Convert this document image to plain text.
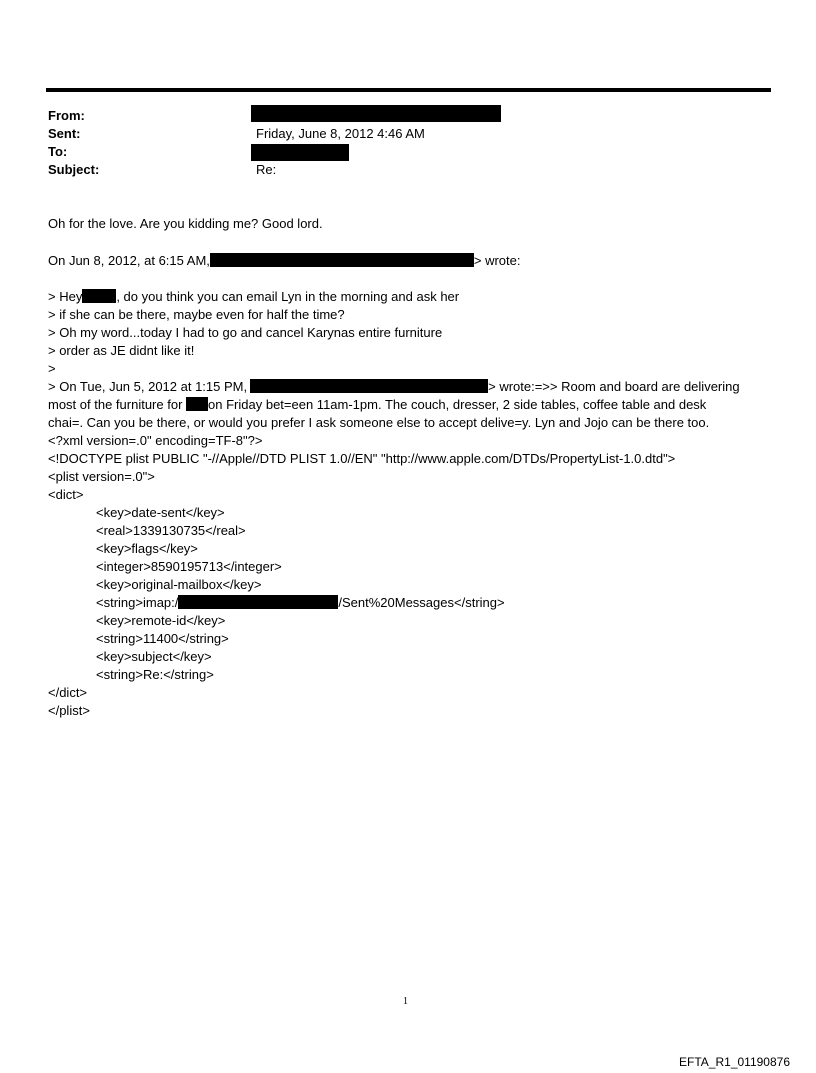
From:
Sent:	Friday, June 8, 2012 4:46 AM
To:
Subject:	Re:
Oh for the love. Are you kidding me? Good lord.
On Jun 8, 2012, at 6:15 AM,	> wrote:
> Hey	, do you think you can email Lyn in the morning and ask her
> if she can be there, maybe even for half the time?
> Oh my word...today I had to go and cancel Karynas entire furniture
> order as JE didnt like it!
>
> On Tue, Jun 5, 2012 at 1:15 PM,	> wrote:=>> Room and board are delivering
most of the furniture for on Friday bet=een 11am-1pm. The couch, dresser, 2 side tables, coffee table and desk
chai=. Can you be there, or would you prefer I ask someone else to accept delive=y. Lyn and Jojo can be there too.
<?xml version=.0" encoding=TF-8"?>
<!DOCTYPE plist PUBLIC "-//Apple//DTD PLIST 1.0//EN" "http://www.apple.com/DTDs/PropertyList-1.0.dtd">
<plist version=.0">
<dict>
<key>date-sent</key>
<real>1339130735</real>
<key>flags</key>
<integer>8590195713</integer>
<key>original-mailbox</key>
<string>imap:/	/Sent%20Messages</string>
<key>remote-id</key>
<string>11400</string>
<key>subject</key>
<string>Re:</string>
</dict>
</plist>
1
EFTA_R1_01190876
